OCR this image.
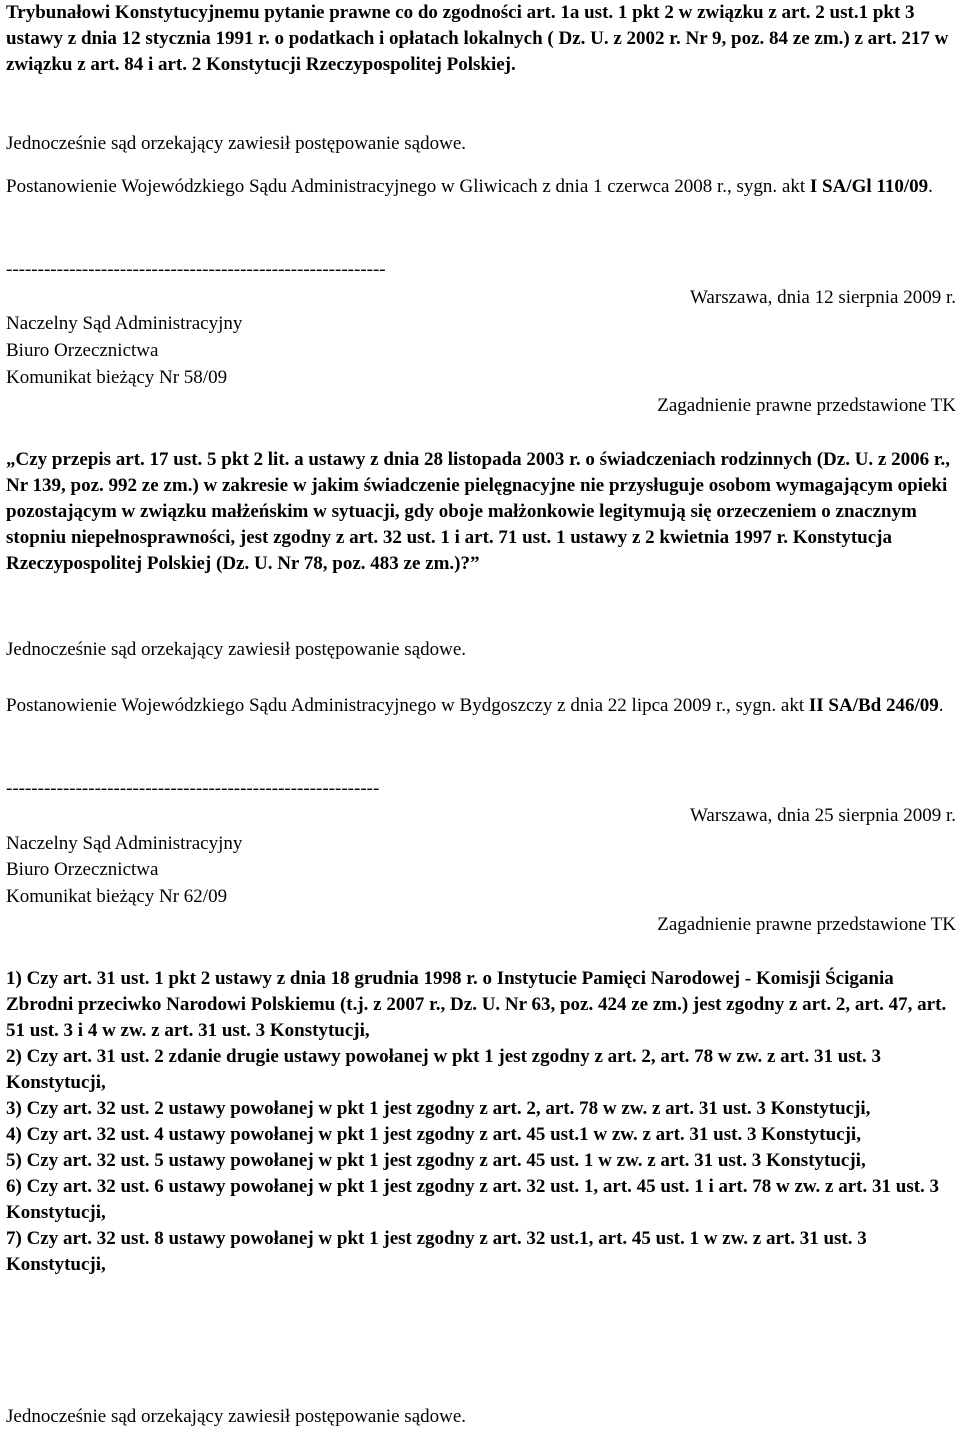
Trybunałowi Konstytucyjnemu pytanie prawne co do zgodności art. 1a ust. 1 pkt 2 w związku z art. 2 ust.1 pkt 3 ustawy z dnia 12 stycznia 1991 r. o podatkach i opłatach lokalnych ( Dz. U. z 2002 r. Nr 9, poz. 84 ze zm.) z art. 217 w związku z art. 84 i art. 2 Konstytucji Rzeczypospolitej Polskiej.

Jednocześnie sąd orzekający zawiesił postępowanie sądowe.

Postanowienie Wojewódzkiego Sądu Administracyjnego w Gliwicach z dnia 1 czerwca 2008 r., sygn. akt I SA/Gl 110/09.

------------------------------------------------------------

Warszawa, dnia 12 sierpnia 2009 r.

Naczelny Sąd Administracyjny

Biuro Orzecznictwa

Komunikat bieżący Nr 58/09

Zagadnienie prawne przedstawione TK

„Czy przepis art. 17 ust. 5 pkt 2 lit. a ustawy z dnia 28 listopada 2003 r. o świadczeniach rodzinnych (Dz. U. z 2006 r., Nr 139, poz. 992 ze zm.) w zakresie w jakim świadczenie pielęgnacyjne nie przysługuje osobom wymagającym opieki pozostającym w związku małżeńskim w sytuacji, gdy oboje małżonkowie legitymują się orzeczeniem o znacznym stopniu niepełnosprawności, jest zgodny z art. 32 ust. 1 i art. 71 ust. 1 ustawy z 2 kwietnia 1997 r. Konstytucja Rzeczypospolitej Polskiej (Dz. U. Nr 78, poz. 483 ze zm.)?”

Jednocześnie sąd orzekający zawiesił postępowanie sądowe.

Postanowienie Wojewódzkiego Sądu Administracyjnego w Bydgoszczy z dnia 22 lipca 2009 r., sygn. akt II SA/Bd 246/09.

-----------------------------------------------------------

Warszawa, dnia 25 sierpnia 2009 r.

Naczelny Sąd Administracyjny

Biuro Orzecznictwa

Komunikat bieżący Nr 62/09

Zagadnienie prawne przedstawione TK

1) Czy art. 31 ust. 1 pkt 2 ustawy z dnia 18 grudnia 1998 r. o Instytucie Pamięci Narodowej - Komisji Ścigania Zbrodni przeciwko Narodowi Polskiemu (t.j. z 2007 r., Dz. U. Nr 63, poz. 424 ze zm.) jest zgodny z art. 2, art. 47, art. 51 ust. 3 i 4 w zw. z art. 31 ust. 3 Konstytucji,

2) Czy art. 31 ust. 2 zdanie drugie ustawy powołanej w pkt 1 jest zgodny z art. 2, art. 78 w zw. z art. 31 ust. 3 Konstytucji,

3) Czy art. 32 ust. 2 ustawy powołanej w pkt 1 jest zgodny z art. 2, art. 78 w zw. z art. 31 ust. 3 Konstytucji,

4) Czy art. 32 ust. 4 ustawy powołanej w pkt 1 jest zgodny z art. 45 ust.1 w zw. z art. 31 ust. 3 Konstytucji,

5) Czy art. 32 ust. 5 ustawy powołanej w pkt 1 jest zgodny z art. 45 ust. 1 w zw. z art. 31 ust. 3 Konstytucji,

6) Czy art. 32 ust. 6 ustawy powołanej w pkt 1 jest zgodny z art. 32 ust. 1, art. 45 ust. 1 i art. 78 w zw. z art. 31 ust. 3 Konstytucji,

7) Czy art. 32 ust. 8 ustawy powołanej w pkt 1 jest zgodny z art. 32 ust.1, art. 45 ust. 1 w zw. z art. 31 ust. 3 Konstytucji,

Jednocześnie sąd orzekający zawiesił postępowanie sądowe.
